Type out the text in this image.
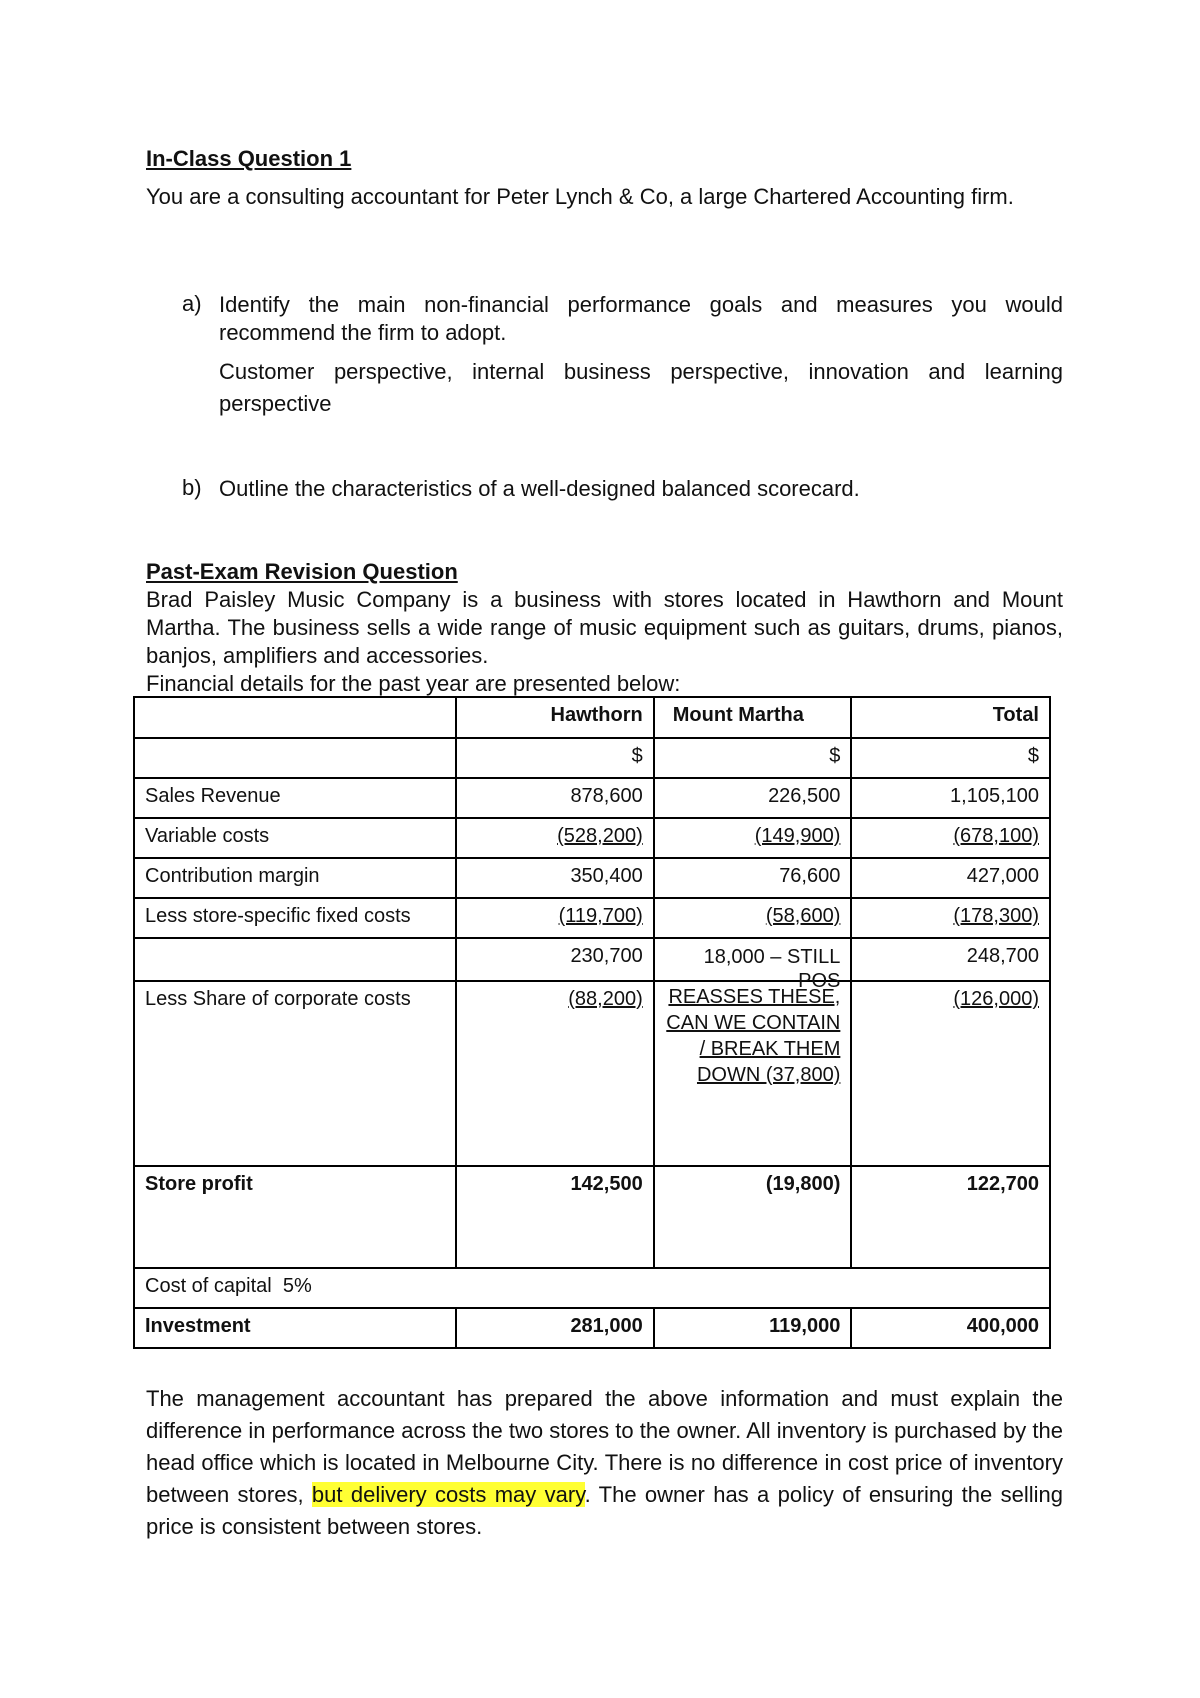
In-Class Question 1
You are a consulting accountant for Peter Lynch & Co, a large Chartered Accounting firm.
a) Identify the main non-financial performance goals and measures you would recommend the firm to adopt.
Customer perspective, internal business perspective, innovation and learning perspective
b) Outline the characteristics of a well-designed balanced scorecard.
Past-Exam Revision Question
Brad Paisley Music Company is a business with stores located in Hawthorn and Mount Martha. The business sells a wide range of music equipment such as guitars, drums, pianos, banjos, amplifiers and accessories.
Financial details for the past year are presented below:
	Hawthorn	Mount Martha	Total
	$	$	$
Sales Revenue	878,600	226,500	1,105,100
Variable costs	(528,200)	(149,900)	(678,100)
Contribution margin	350,400	76,600	427,000
Less store-specific fixed costs	(119,700)	(58,600)	(178,300)
	230,700	18,000 – STILL POS	248,700
Less Share of corporate costs	(88,200)	REASSES THESE, CAN WE CONTAIN / BREAK THEM DOWN (37,800)	(126,000)
Store profit	142,500	(19,800)	122,700
Cost of capital  5%			
Investment	281,000	119,000	400,000
The management accountant has prepared the above information and must explain the difference in performance across the two stores to the owner. All inventory is purchased by the head office which is located in Melbourne City. There is no difference in cost price of inventory between stores, but delivery costs may vary. The owner has a policy of ensuring the selling price is consistent between stores.
